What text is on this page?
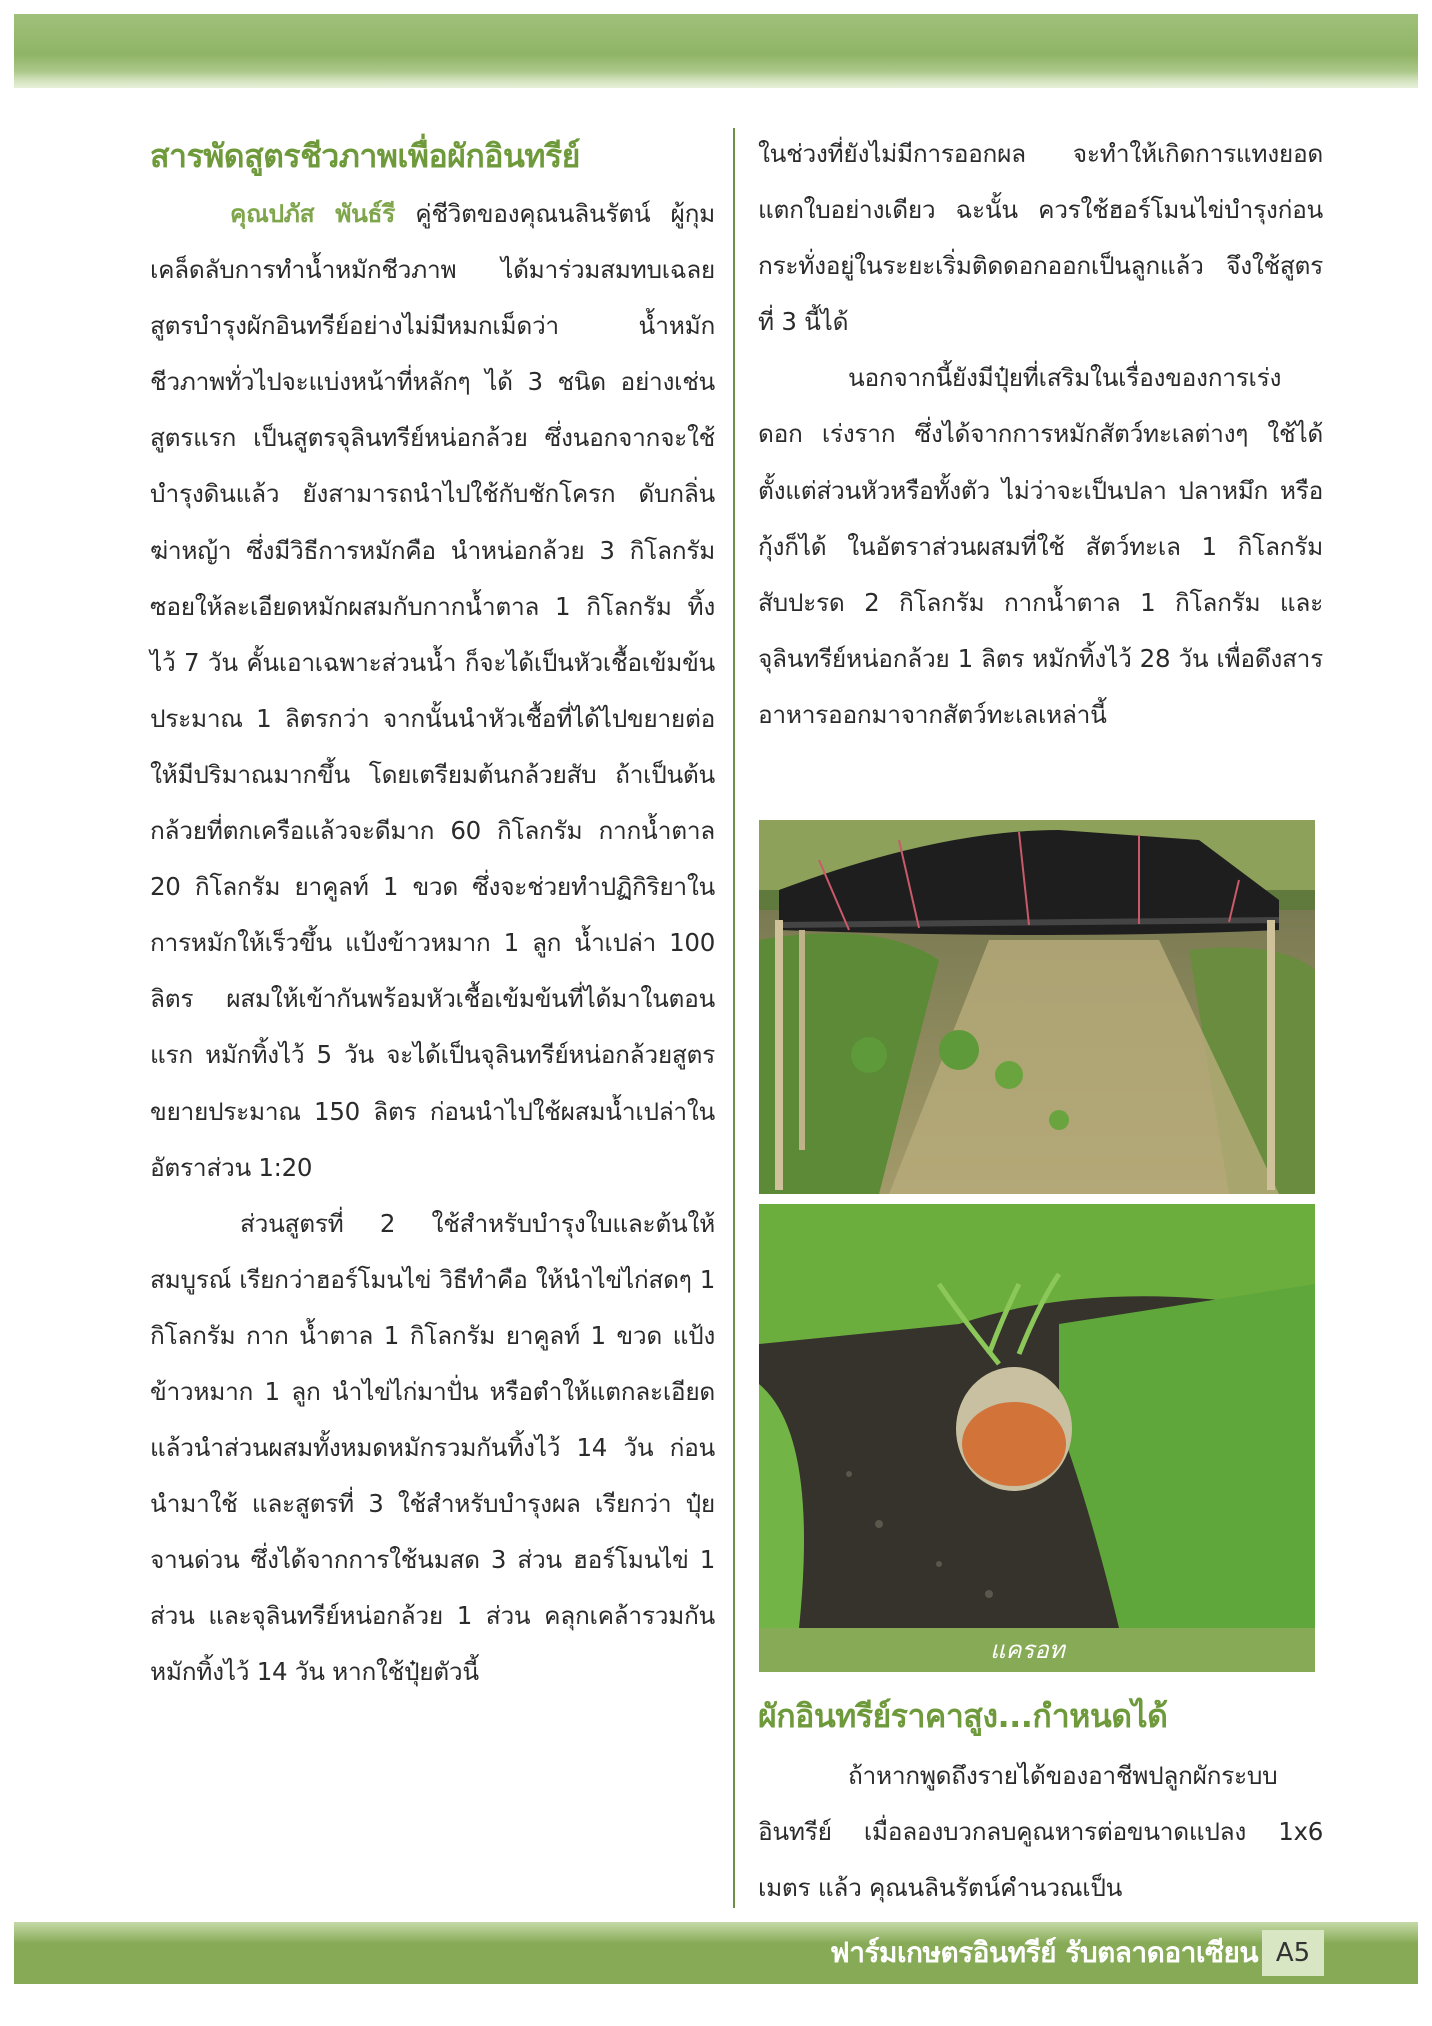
สารพัดสูตรชีวภาพเพื่อผักอินทรีย์

คุณปภัส พันธ์รี คู่ชีวิตของคุณนลินรัตน์ ผู้กุมเคล็ดลับการทำน้ำหมักชีวภาพ ได้มาร่วมสมทบเฉลยสูตรบำรุงผักอินทรีย์อย่างไม่มีหมกเม็ดว่า น้ำหมักชีวภาพทั่วไปจะแบ่งหน้าที่หลักๆ ได้ 3 ชนิด อย่างเช่นสูตรแรก เป็นสูตรจุลินทรีย์หน่อกล้วย ซึ่งนอกจากจะใช้บำรุงดินแล้ว ยังสามารถนำไปใช้กับชักโครก ดับกลิ่น ฆ่าหญ้า ซึ่งมีวิธีการหมักคือ นำหน่อกล้วย 3 กิโลกรัม ซอยให้ละเอียดหมักผสมกับกากน้ำตาล 1 กิโลกรัม ทิ้งไว้ 7 วัน คั้นเอาเฉพาะส่วนน้ำ ก็จะได้เป็นหัวเชื้อเข้มข้นประมาณ 1 ลิตรกว่า จากนั้นนำหัวเชื้อที่ได้ไปขยายต่อให้มีปริมาณมากขึ้น โดยเตรียมต้นกล้วยสับ ถ้าเป็นต้นกล้วยที่ตกเครือแล้วจะดีมาก 60 กิโลกรัม กากน้ำตาล 20 กิโลกรัม ยาคูลท์ 1 ขวด ซึ่งจะช่วยทำปฏิกิริยาในการหมักให้เร็วขึ้น แป้งข้าวหมาก 1 ลูก น้ำเปล่า 100 ลิตร ผสมให้เข้ากันพร้อมหัวเชื้อเข้มข้นที่ได้มาในตอนแรก หมักทิ้งไว้ 5 วัน จะได้เป็นจุลินทรีย์หน่อกล้วยสูตรขยายประมาณ 150 ลิตร ก่อนนำไปใช้ผสมน้ำเปล่าในอัตราส่วน 1:20

ส่วนสูตรที่ 2 ใช้สำหรับบำรุงใบและต้นให้สมบูรณ์ เรียกว่าฮอร์โมนไข่ วิธีทำคือ ให้นำไข่ไก่สดๆ 1 กิโลกรัม กาก น้ำตาล 1 กิโลกรัม ยาคูลท์ 1 ขวด แป้งข้าวหมาก 1 ลูก นำไข่ไก่มาปั่น หรือตำให้แตกละเอียด แล้วนำส่วนผสมทั้งหมดหมักรวมกันทิ้งไว้ 14 วัน ก่อนนำมาใช้ และสูตรที่ 3 ใช้สำหรับบำรุงผล เรียกว่า ปุ๋ยจานด่วน ซึ่งได้จากการใช้นมสด 3 ส่วน ฮอร์โมนไข่ 1 ส่วน และจุลินทรีย์หน่อกล้วย 1 ส่วน คลุกเคล้ารวมกันหมักทิ้งไว้ 14 วัน หากใช้ปุ๋ยตัวนี้

ในช่วงที่ยังไม่มีการออกผล จะทำให้เกิดการแทงยอดแตกใบอย่างเดียว ฉะนั้น ควรใช้ฮอร์โมนไข่บำรุงก่อน กระทั่งอยู่ในระยะเริ่มติดดอกออกเป็นลูกแล้ว จึงใช้สูตรที่ 3 นี้ได้

นอกจากนี้ยังมีปุ๋ยที่เสริมในเรื่องของการเร่งดอก เร่งราก ซึ่งได้จากการหมักสัตว์ทะเลต่างๆ ใช้ได้ตั้งแต่ส่วนหัวหรือทั้งตัว ไม่ว่าจะเป็นปลา ปลาหมึก หรือกุ้งก็ได้ ในอัตราส่วนผสมที่ใช้ สัตว์ทะเล 1 กิโลกรัม สับปะรด 2 กิโลกรัม กากน้ำตาล 1 กิโลกรัม และจุลินทรีย์หน่อกล้วย 1 ลิตร หมักทิ้งไว้ 28 วัน เพื่อดึงสารอาหารออกมาจากสัตว์ทะเลเหล่านี้

แครอท
ผักอินทรีย์ราคาสูง...กำหนดได้

ถ้าหากพูดถึงรายได้ของอาชีพปลูกผักระบบอินทรีย์ เมื่อลองบวกลบคูณหารต่อขนาดแปลง 1x6 เมตร แล้ว คุณนลินรัตน์คำนวณเป็น

ฟาร์มเกษตรอินทรีย์ รับตลาดอาเซียน A5
